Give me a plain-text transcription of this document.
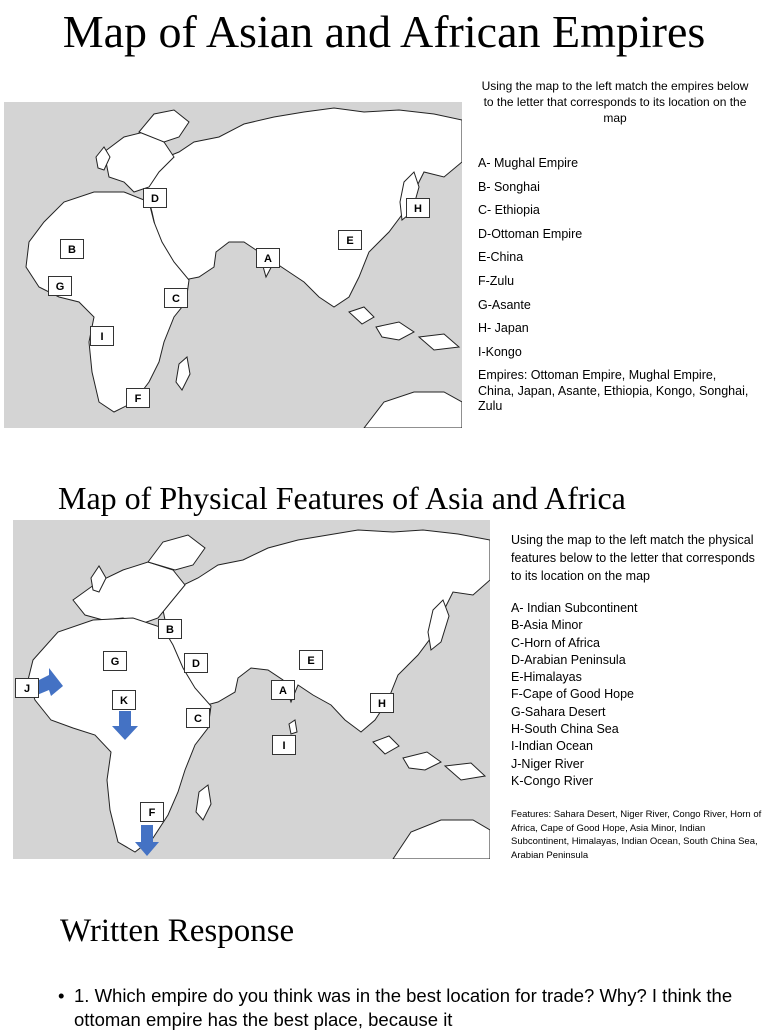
Map of Asian and African Empires
D
B
G
C
I
F
A
E
H
Using the map to the left match the empires below to the letter that corresponds to its location on the map
A- Mughal Empire
B- Songhai
C- Ethiopia
D-Ottoman Empire
E-China
F-Zulu
G-Asante
H- Japan
I-Kongo
Empires: Ottoman Empire, Mughal Empire, China, Japan, Asante, Ethiopia, Kongo, Songhai, Zulu
Map of Physical Features of Asia and Africa
B
G	D
J
K
C
A
E
H
I
F
Using the map to the left match the physical features below to the letter that corresponds to its location on the map
A- Indian Subcontinent
B-Asia Minor
C-Horn of Africa
D-Arabian Peninsula
E-Himalayas
F-Cape of Good Hope
G-Sahara Desert
H-South China Sea
I-Indian Ocean
J-Niger River
K-Congo River
Features: Sahara Desert, Niger River, Congo River, Horn of Africa, Cape of Good Hope, Asia Minor, Indian Subcontinent, Himalayas, Indian Ocean, South China Sea, Arabian Peninsula
Written Response
• 1. Which empire do you think was in the best location for trade? Why? I think the ottoman empire has the best place, because it
